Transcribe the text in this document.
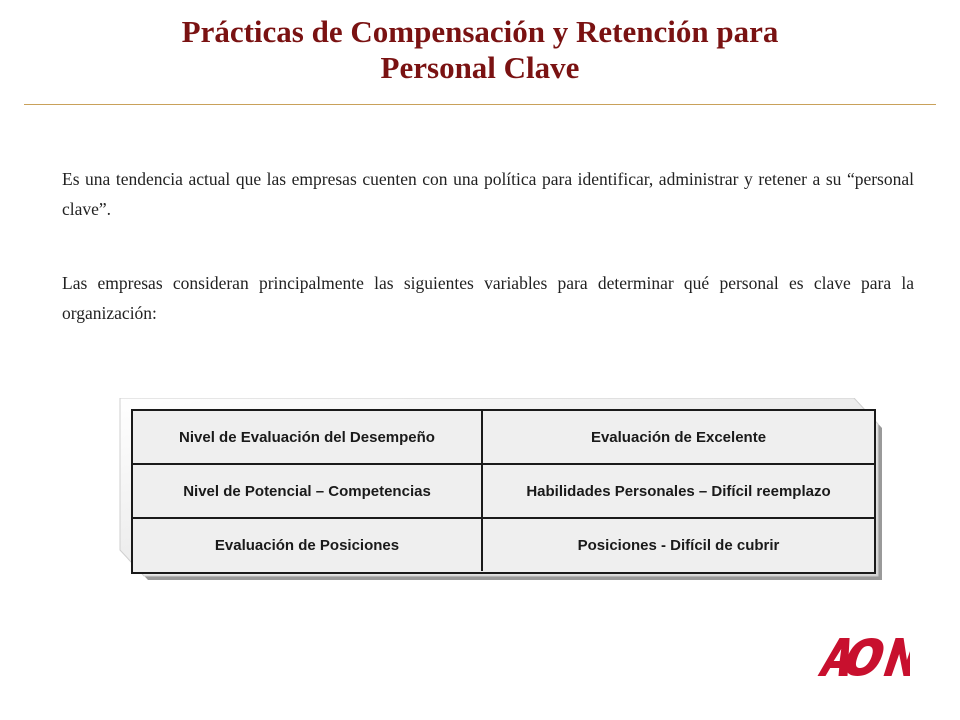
Prácticas de Compensación y Retención para
Personal Clave
Es una tendencia actual que las empresas cuenten con una política para identificar, administrar y retener a su “personal clave”.
Las empresas consideran principalmente las siguientes variables para determinar qué personal es clave para la organización:
Nivel de Evaluación del Desempeño	Evaluación de Excelente
Nivel de Potencial – Competencias	Habilidades Personales – Difícil reemplazo
Evaluación de Posiciones	Posiciones - Difícil de cubrir
